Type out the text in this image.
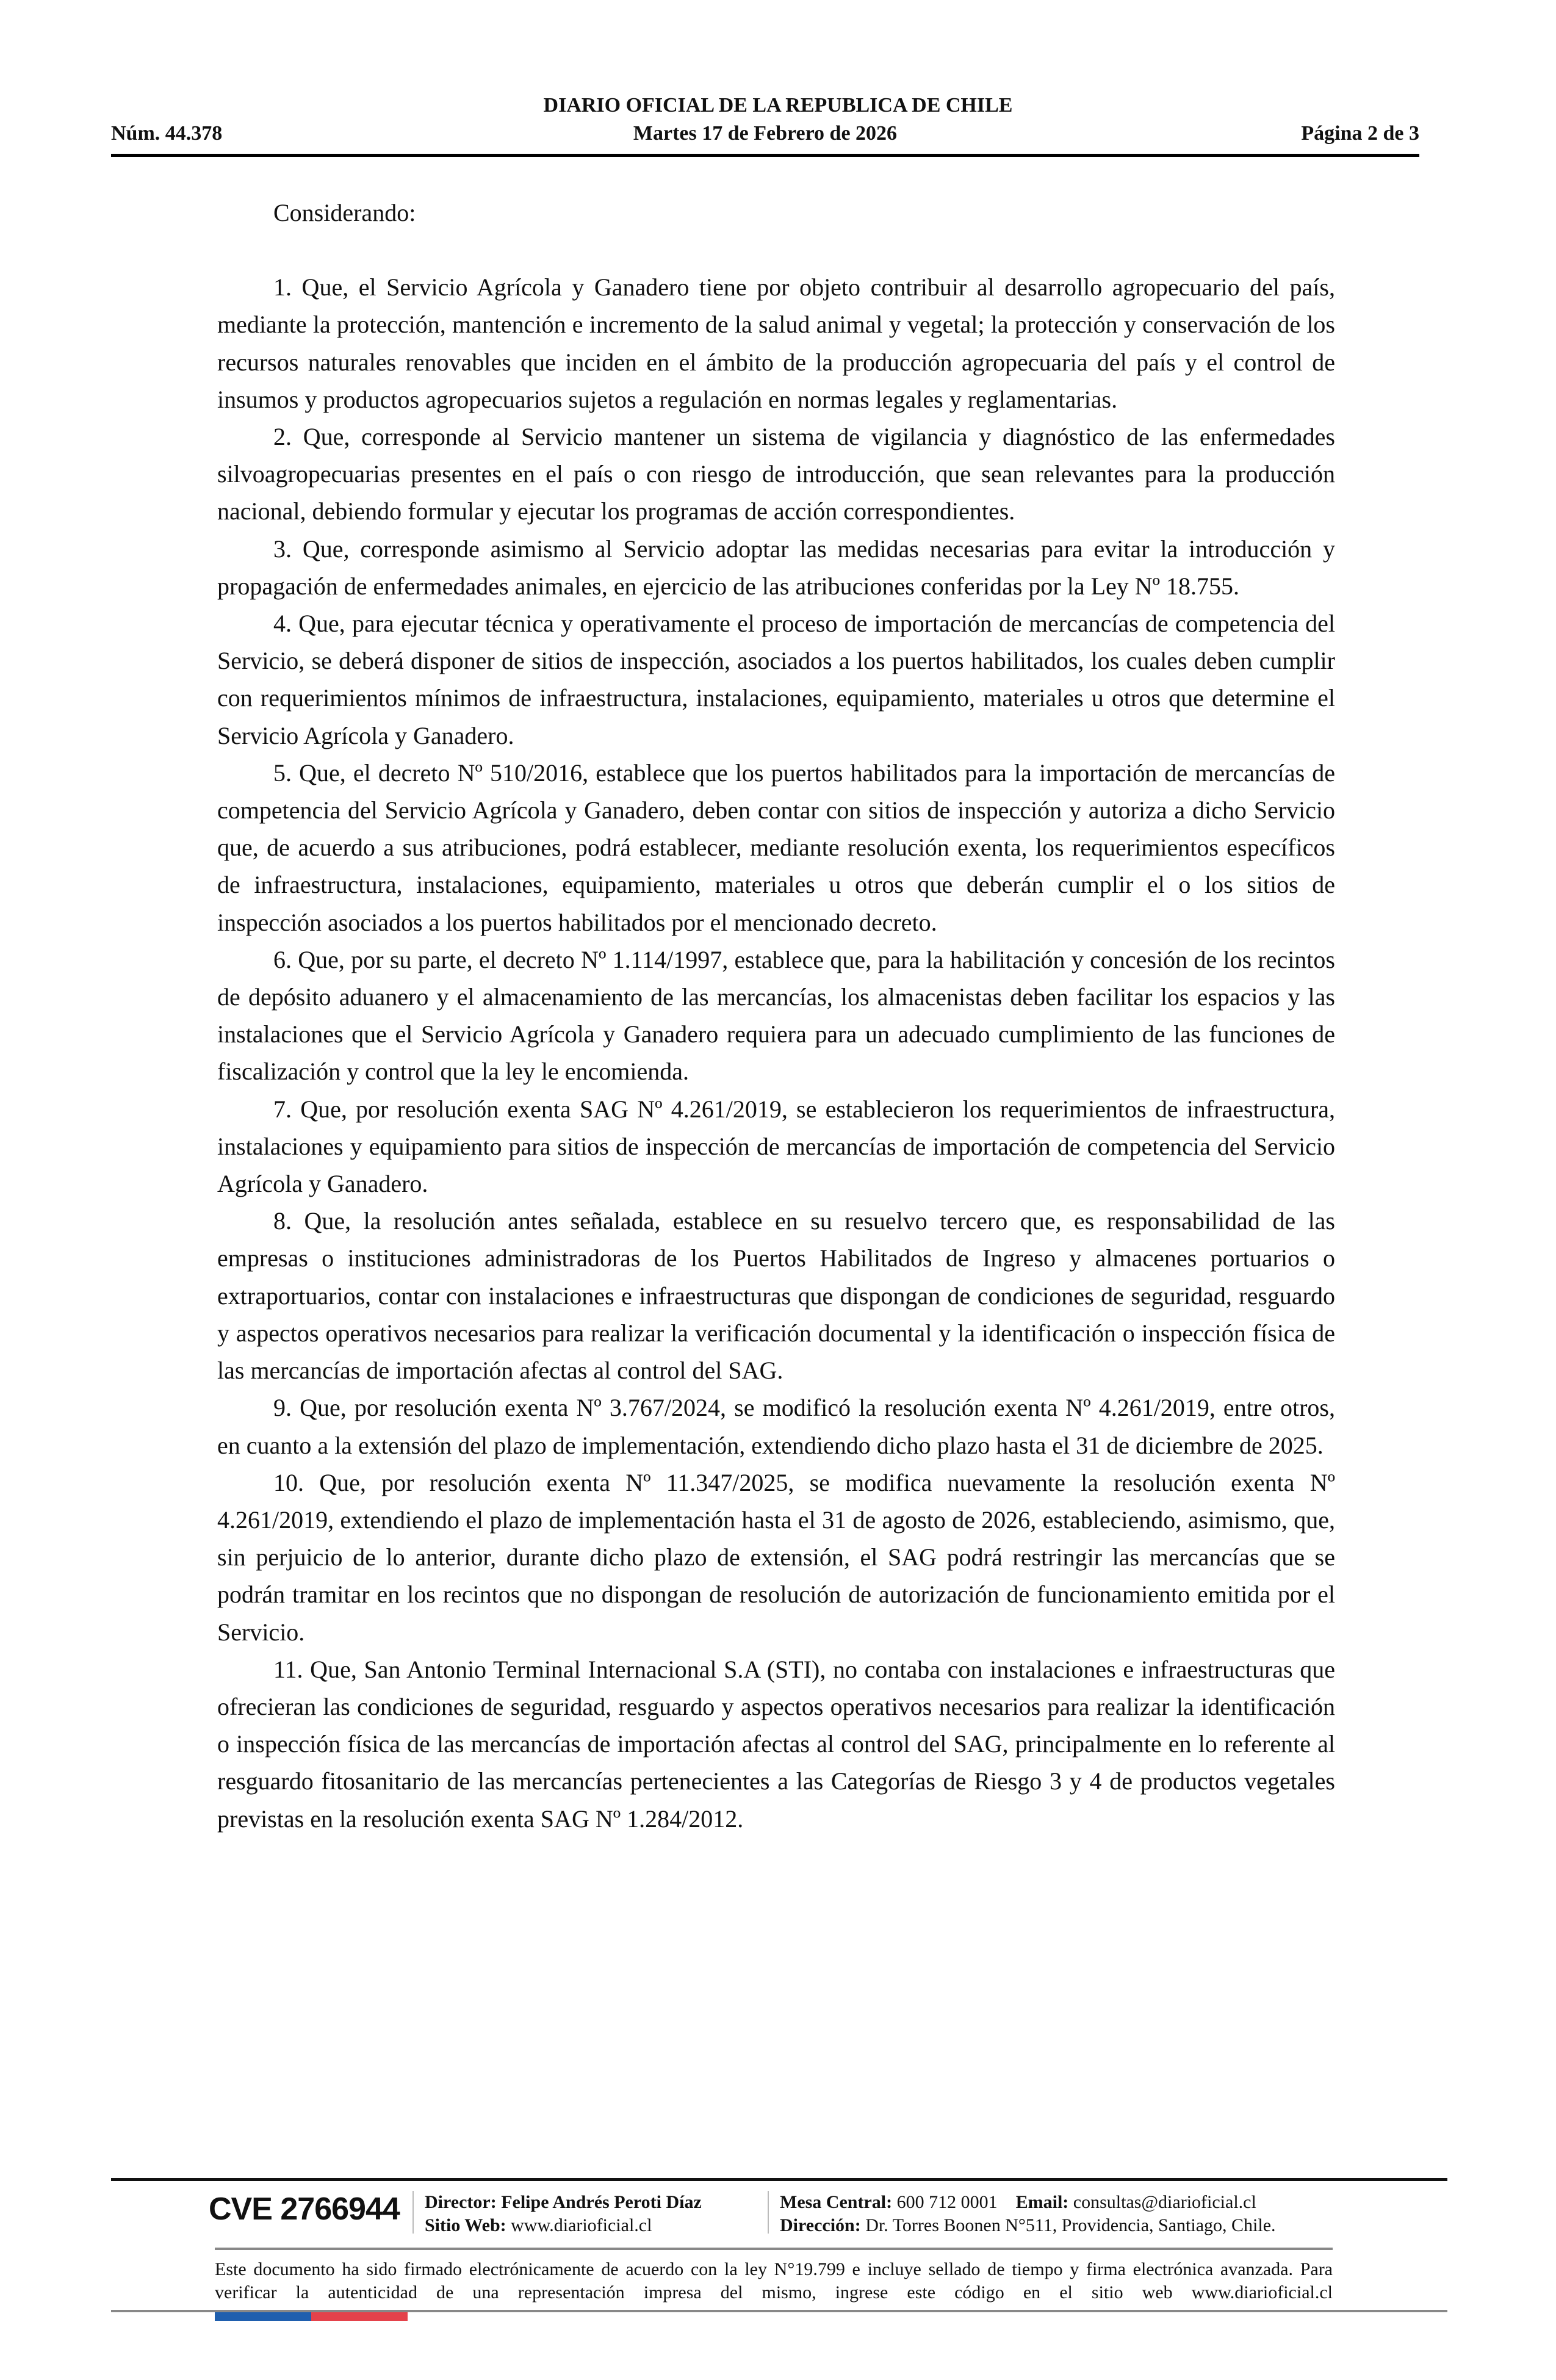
DIARIO OFICIAL DE LA REPUBLICA DE CHILE
Núm. 44.378	Martes 17 de Febrero de 2026	Página 2 de 3

Considerando:

1. Que, el Servicio Agrícola y Ganadero tiene por objeto contribuir al desarrollo agropecuario del país, mediante la protección, mantención e incremento de la salud animal y vegetal; la protección y conservación de los recursos naturales renovables que inciden en el ámbito de la producción agropecuaria del país y el control de insumos y productos agropecuarios sujetos a regulación en normas legales y reglamentarias.

2. Que, corresponde al Servicio mantener un sistema de vigilancia y diagnóstico de las enfermedades silvoagropecuarias presentes en el país o con riesgo de introducción, que sean relevantes para la producción nacional, debiendo formular y ejecutar los programas de acción correspondientes.

3. Que, corresponde asimismo al Servicio adoptar las medidas necesarias para evitar la introducción y propagación de enfermedades animales, en ejercicio de las atribuciones conferidas por la Ley Nº 18.755.

4. Que, para ejecutar técnica y operativamente el proceso de importación de mercancías de competencia del Servicio, se deberá disponer de sitios de inspección, asociados a los puertos habilitados, los cuales deben cumplir con requerimientos mínimos de infraestructura, instalaciones, equipamiento, materiales u otros que determine el Servicio Agrícola y Ganadero.

5. Que, el decreto Nº 510/2016, establece que los puertos habilitados para la importación de mercancías de competencia del Servicio Agrícola y Ganadero, deben contar con sitios de inspección y autoriza a dicho Servicio que, de acuerdo a sus atribuciones, podrá establecer, mediante resolución exenta, los requerimientos específicos de infraestructura, instalaciones, equipamiento, materiales u otros que deberán cumplir el o los sitios de inspección asociados a los puertos habilitados por el mencionado decreto.

6. Que, por su parte, el decreto Nº 1.114/1997, establece que, para la habilitación y concesión de los recintos de depósito aduanero y el almacenamiento de las mercancías, los almacenistas deben facilitar los espacios y las instalaciones que el Servicio Agrícola y Ganadero requiera para un adecuado cumplimiento de las funciones de fiscalización y control que la ley le encomienda.

7. Que, por resolución exenta SAG Nº 4.261/2019, se establecieron los requerimientos de infraestructura, instalaciones y equipamiento para sitios de inspección de mercancías de importación de competencia del Servicio Agrícola y Ganadero.

8. Que, la resolución antes señalada, establece en su resuelvo tercero que, es responsabilidad de las empresas o instituciones administradoras de los Puertos Habilitados de Ingreso y almacenes portuarios o extraportuarios, contar con instalaciones e infraestructuras que dispongan de condiciones de seguridad, resguardo y aspectos operativos necesarios para realizar la verificación documental y la identificación o inspección física de las mercancías de importación afectas al control del SAG.

9. Que, por resolución exenta Nº 3.767/2024, se modificó la resolución exenta Nº 4.261/2019, entre otros, en cuanto a la extensión del plazo de implementación, extendiendo dicho plazo hasta el 31 de diciembre de 2025.

10. Que, por resolución exenta Nº 11.347/2025, se modifica nuevamente la resolución exenta Nº 4.261/2019, extendiendo el plazo de implementación hasta el 31 de agosto de 2026, estableciendo, asimismo, que, sin perjuicio de lo anterior, durante dicho plazo de extensión, el SAG podrá restringir las mercancías que se podrán tramitar en los recintos que no dispongan de resolución de autorización de funcionamiento emitida por el Servicio.

11. Que, San Antonio Terminal Internacional S.A (STI), no contaba con instalaciones e infraestructuras que ofrecieran las condiciones de seguridad, resguardo y aspectos operativos necesarios para realizar la identificación o inspección física de las mercancías de importación afectas al control del SAG, principalmente en lo referente al resguardo fitosanitario de las mercancías pertenecientes a las Categorías de Riesgo 3 y 4 de productos vegetales previstas en la resolución exenta SAG Nº 1.284/2012.

CVE 2766944 Director: Felipe Andrés Peroti Díaz
Sitio Web: www.diarioficial.cl
Mesa Central: 600 712 0001 Email: consultas@diarioficial.cl
Dirección: Dr. Torres Boonen N°511, Providencia, Santiago, Chile.
Este documento ha sido firmado electrónicamente de acuerdo con la ley N°19.799 e incluye sellado de tiempo y firma electrónica avanzada. Para verificar la autenticidad de una representación impresa del mismo, ingrese este código en el sitio web www.diarioficial.cl
